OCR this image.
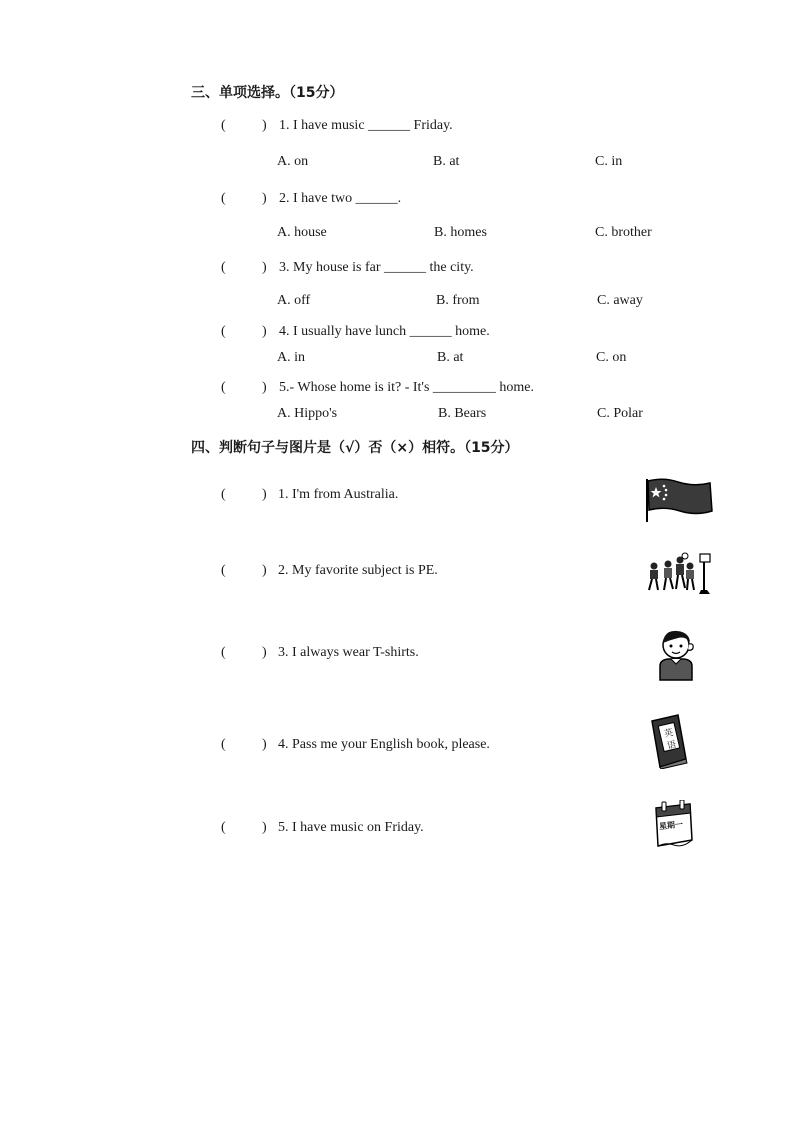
三、单项选择。（15分）
(	) 1. I have music ______ Friday.
A. on	B. at	C. in
(	) 2. I have two ______.
A. house	B. homes	C. brother
(	) 3. My house is far ______ the city.
A. off	B. from	C. away
(	) 4. I usually have lunch ______ home.
A. in	B. at	C. on
(	) 5.- Whose home is it? - It's _________ home.
A. Hippo's	B. Bears	C. Polar
四、判断句子与图片是（√）否（×）相符。（15分）
(	) 1. I'm from Australia.
(	) 2. My favorite subject is PE.
(	) 3. I always wear T-shirts.
(	) 4. Pass me your English book, please.
英
语
(	) 5. I have music on Friday.	星期一
